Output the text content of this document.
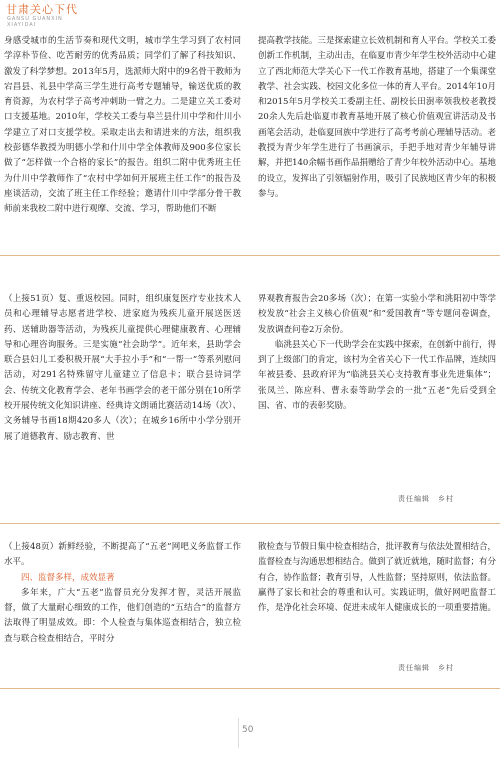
甘肃关心下代
GANSU GUANXIN
XIAYIDAI

身感受城市的生活节奏和现代文明，城市学生学习到了农村同学淳朴节俭、吃苦耐劳的优秀品质；同学们了解了科技知识、激发了科学梦想。2013年5月，选派师大附中的9名骨干教师为宕昌县、礼县中学高三学生进行高考专题辅导，输送优质的教育资源，为农村学子高考冲刺助一臂之力。二是建立关工委对口支援基地。2010年，学校关工委与皋兰县什川中学和什川小学建立了对口支援学校。采取走出去和请进来的方法，组织我校彭德华教授为明德小学和什川中学全体教师及900多位家长做了“怎样做一个合格的家长”的报告。组织二附中优秀班主任为什川中学教师作了“农村中学如何开展班主任工作”的报告及座谈活动，交流了班主任工作经验；邀请什川中学部分骨干教师前来我校二附中进行观摩、交流、学习，帮助他们不断

提高教学技能。三是探索建立长效机制和育人平台。学校关工委创新工作机制，主动出击，在临夏市青少年学生校外活动中心建立了西北师范大学关心下一代工作教育基地，搭建了一个集课堂教学、社会实践、校园文化多位一体的育人平台。2014年10月和2015年5月学校关工委副主任、副校长田澍率领我校老教授20余人先后赴临夏市教育基地开展了核心价值观宣讲活动及书画笔会活动，赴临夏回族中学进行了高考考前心理辅导活动。老教授为青少年学生进行了书画演示，手把手地对青少年辅导讲解，并把140余幅书画作品捐赠给了青少年校外活动中心。基地的设立，发挥出了引领辐射作用，吸引了民族地区青少年的积极参与。

（上接51页）复、重返校园。同时，组织康复医疗专业技术人员和心理辅导志愿者进学校、进家庭为残疾儿童开展送医送药、送辅助器等活动，为残疾儿童提供心理健康教育、心理辅导和心理咨询服务。三是实施“社会助学”。近年来，县助学会联合县妇儿工委积极开展“大手拉小手”和“一帮一”等系列慰问活动，对291名特殊留守儿童建立了信息卡；联合县诗词学会、传统文化教育学会、老年书画学会的老干部分别在10所学校开展传统文化知识讲座、经典诗文朗诵比赛活动14场（次）、文务辅导书画18期420多人（次）；在城乡16所中小学分别开展了道德教育、励志教育、世

界观教育报告会20多场（次）；在第一实验小学和洮阳初中等学校发放“社会主义核心价值观”和“爱国教育”等专题问卷调查，发放调查问卷2万余份。

临洮县关心下一代助学会在实践中探索，在创新中前行，得到了上级部门的肯定，该村为全省关心下一代工作品牌，连续四年被县委、县政府评为“临洮县关心支持教育事业先进集体”；张凤兰、陈应科、曹永泰等助学会的一批“五老”先后受到全国、省、市的表彰奖励。

责任编辑　乡村

（上接48页）新鲜经验，不断提高了“五老”网吧义务监督工作水平。

四、监督多样，成效显著

多年来，广大“五老”监督员充分发挥才智，灵活开展监督，做了大量耐心细致的工作，他们创造的“五结合”的监督方法取得了明显成效。即：个人检查与集体巡查相结合，独立检查与联合检查相结合，平时分

散检查与节假日集中检查相结合，批评教育与依法处置相结合，监督检查与沟通思想相结合。做到了就近就地，随时监督；有分有合，协作监督；教育引导，人性监督；坚持原则，依法监督。赢得了家长和社会的尊重和认可。实践证明，做好网吧监督工作，是净化社会环境、促进未成年人健康成长的一项重要措施。

责任编辑　乡村
50
